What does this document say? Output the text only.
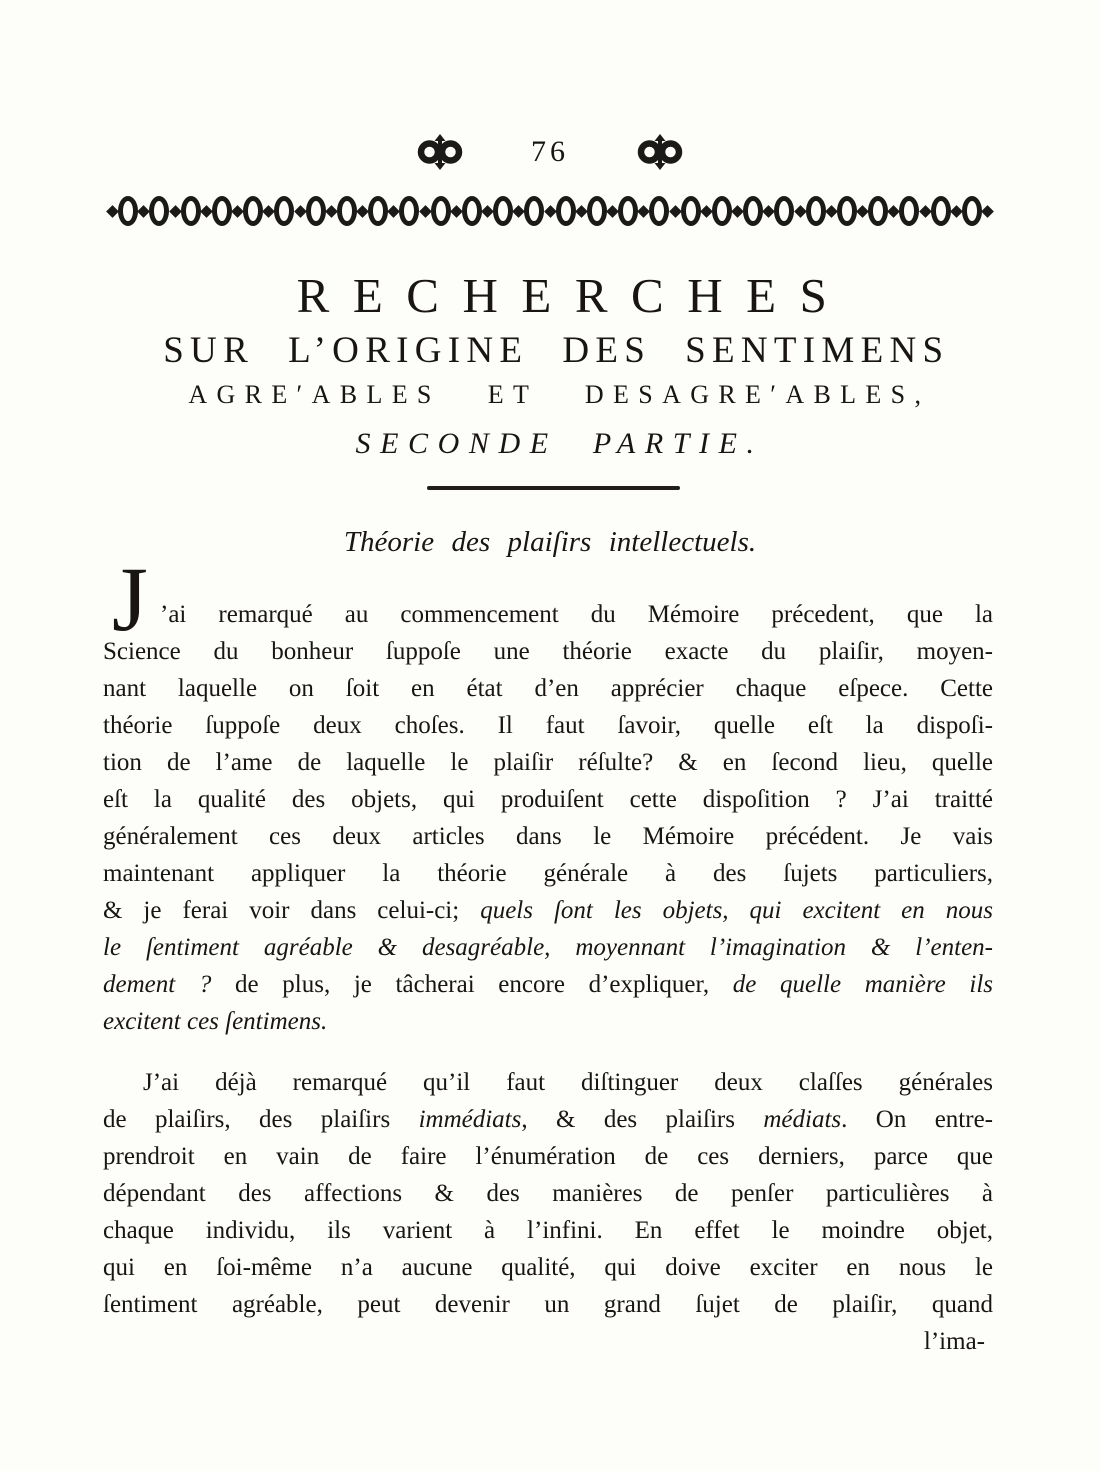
76
RECHERCHES
SUR L’ORIGINE DES SENTIMENS
AGRE′ABLES ET DESAGRE′ABLES,
SECONDE PARTIE.
Théorie des plaiſirs intellectuels.
J ’ai remarqué au commencement du Mémoire précedent, que la
Science du bonheur ſuppoſe une théorie exacte du plaiſir, moyen-
nant laquelle on ſoit en état d’en apprécier chaque eſpece. Cette
théorie ſuppoſe deux choſes. Il faut ſavoir, quelle eſt la dispoſi-
tion de l’ame de laquelle le plaiſir réſulte? & en ſecond lieu, quelle
eſt la qualité des objets, qui produiſent cette dispoſition ? J’ai traitté
généralement ces deux articles dans le Mémoire précédent. Je vais
maintenant appliquer la théorie générale à des ſujets particuliers,
& je ferai voir dans celui-ci; quels ſont les objets, qui excitent en nous
le ſentiment agréable & desagréable, moyennant l’imagination & l’enten-
dement ? de plus, je tâcherai encore d’expliquer, de quelle manière ils
excitent ces ſentimens.
J’ai déjà remarqué qu’il faut diſtinguer deux claſſes générales
de plaiſirs, des plaiſirs immédiats, & des plaiſirs médiats. On entre-
prendroit en vain de faire l’énumération de ces derniers, parce que
dépendant des affections & des manières de penſer particulières à
chaque individu, ils varient à l’infini. En effet le moindre objet,
qui en ſoi-même n’a aucune qualité, qui doive exciter en nous le
ſentiment agréable, peut devenir un grand ſujet de plaiſir, quand
l’ima-
